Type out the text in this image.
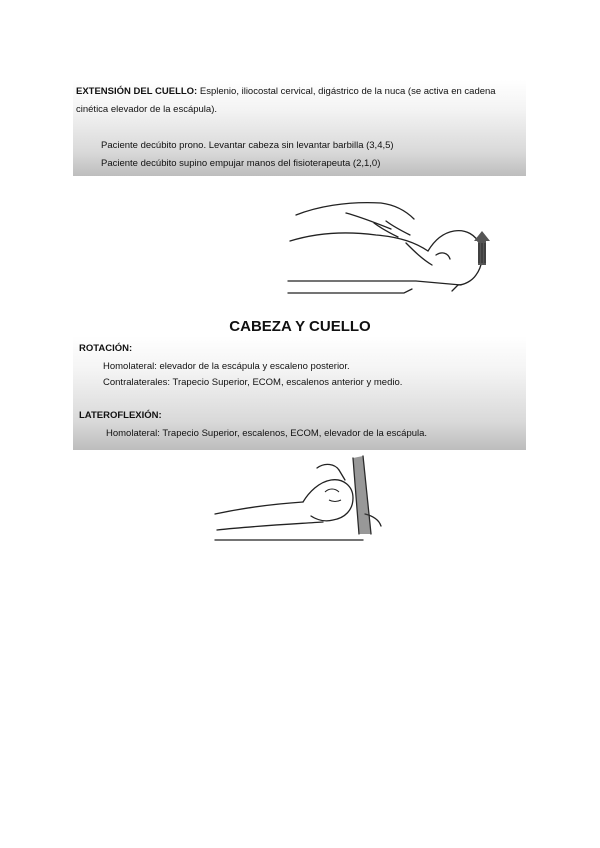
EXTENSIÓN DEL CUELLO: Esplenio, iliocostal cervical, digástrico de la nuca (se activa en cadena
cinética elevador de la escápula).
Paciente decúbito prono. Levantar cabeza sin levantar barbilla (3,4,5)
Paciente decúbito supino empujar manos del fisioterapeuta (2,1,0)
CABEZA Y CUELLO
ROTACIÓN:
Homolateral: elevador de la escápula y escaleno posterior.
Contralaterales: Trapecio Superior, ECOM, escalenos anterior y medio.
LATEROFLEXIÓN:
Homolateral: Trapecio Superior, escalenos, ECOM, elevador de la escápula.
